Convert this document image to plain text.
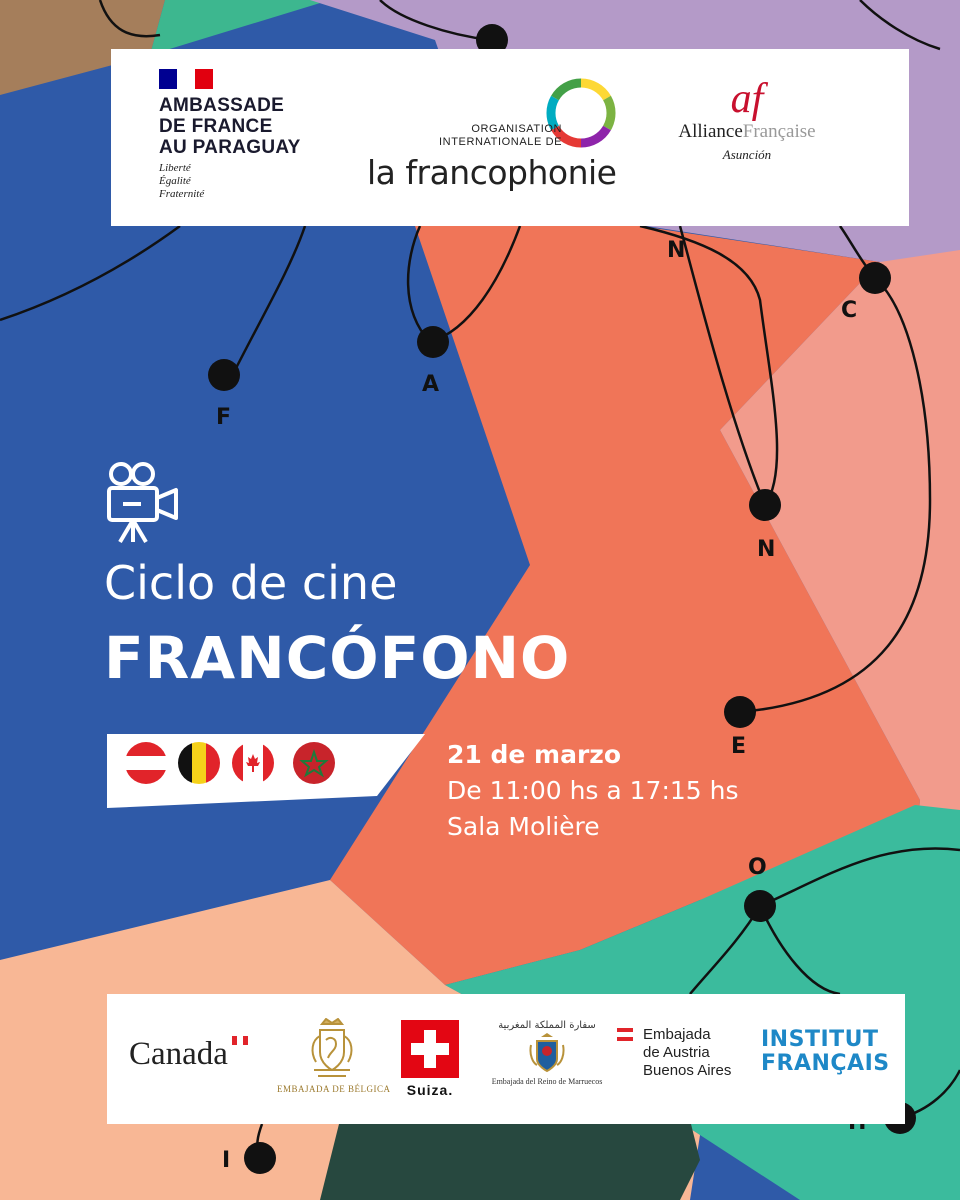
N
C
A
F
N
E
O
I
AMBASSADE
DE FRANCE
AU PARAGUAY
Liberté
Égalité
Fraternité
ORGANISATION
INTERNATIONALE DE
la francophonie
af
AllianceFrançaise
Asunción
Ciclo de cine
FRANCÓFONO
21 de marzo
De 11:00 hs a 17:15 hs
Sala Molière
Canada
EMBAJADA DE BÉLGICA	Suiza.
سفارة المملكة المغربية
Embajada del Reino de Marruecos
Embajada
de Austria
Buenos Aires
INSTITUT
FRANÇAIS
